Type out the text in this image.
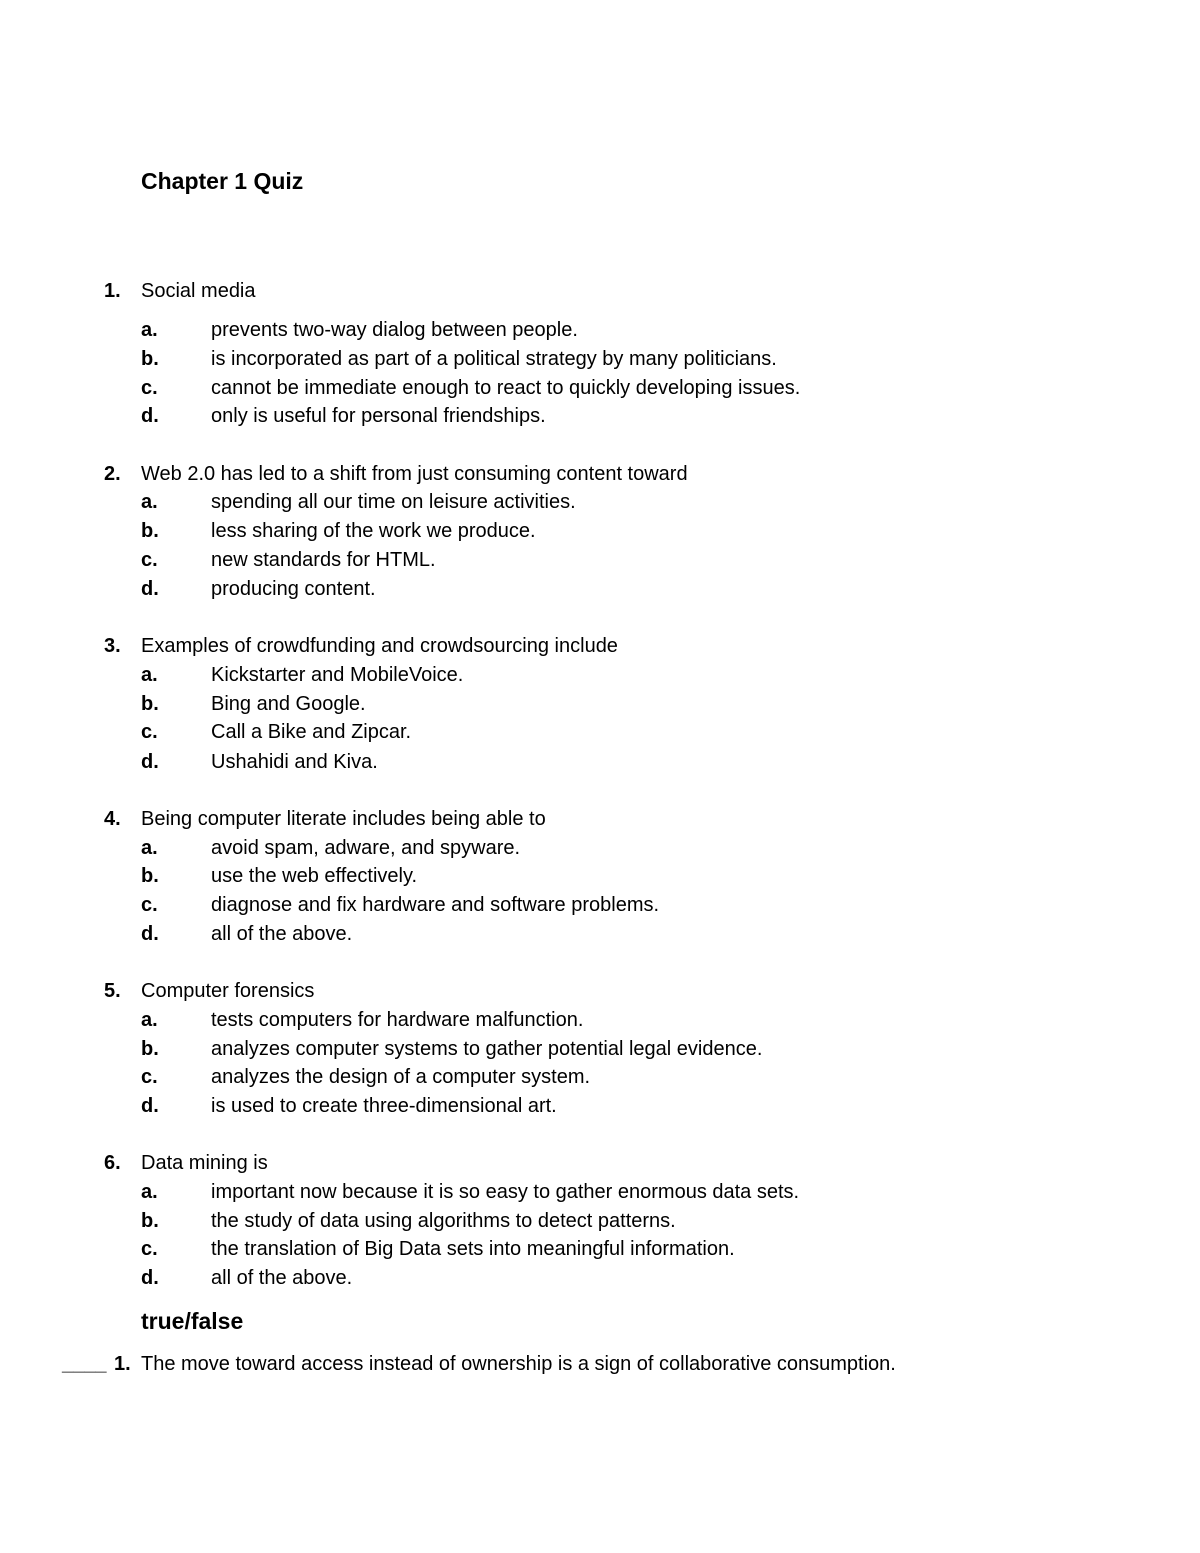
Chapter 1 Quiz
1. Social media
a.	prevents two-way dialog between people.
b.	is incorporated as part of a political strategy by many politicians.
c.	cannot be immediate enough to react to quickly developing issues.
d.	only is useful for personal friendships.
2. Web 2.0 has led to a shift from just consuming content toward
a.	spending all our time on leisure activities.
b.	less sharing of the work we produce.
c.	new standards for HTML.
d.	producing content.
3. Examples of crowdfunding and crowdsourcing include
a.	Kickstarter and MobileVoice.
b.	Bing and Google.
c.	Call a Bike and Zipcar.
d.	Ushahidi and Kiva.
4. Being computer literate includes being able to
a.	avoid spam, adware, and spyware.
b.	use the web effectively.
c.	diagnose and fix hardware and software problems.
d.	all of the above.
5. Computer forensics
a.	tests computers for hardware malfunction.
b.	analyzes computer systems to gather potential legal evidence.
c.	analyzes the design of a computer system.
d.	is used to create three-dimensional art.
6. Data mining is
a.	important now because it is so easy to gather enormous data sets.
b.	the study of data using algorithms to detect patterns.
c.	the translation of Big Data sets into meaningful information.
d.	all of the above.
true/false
____ 1. The move toward access instead of ownership is a sign of collaborative consumption.
